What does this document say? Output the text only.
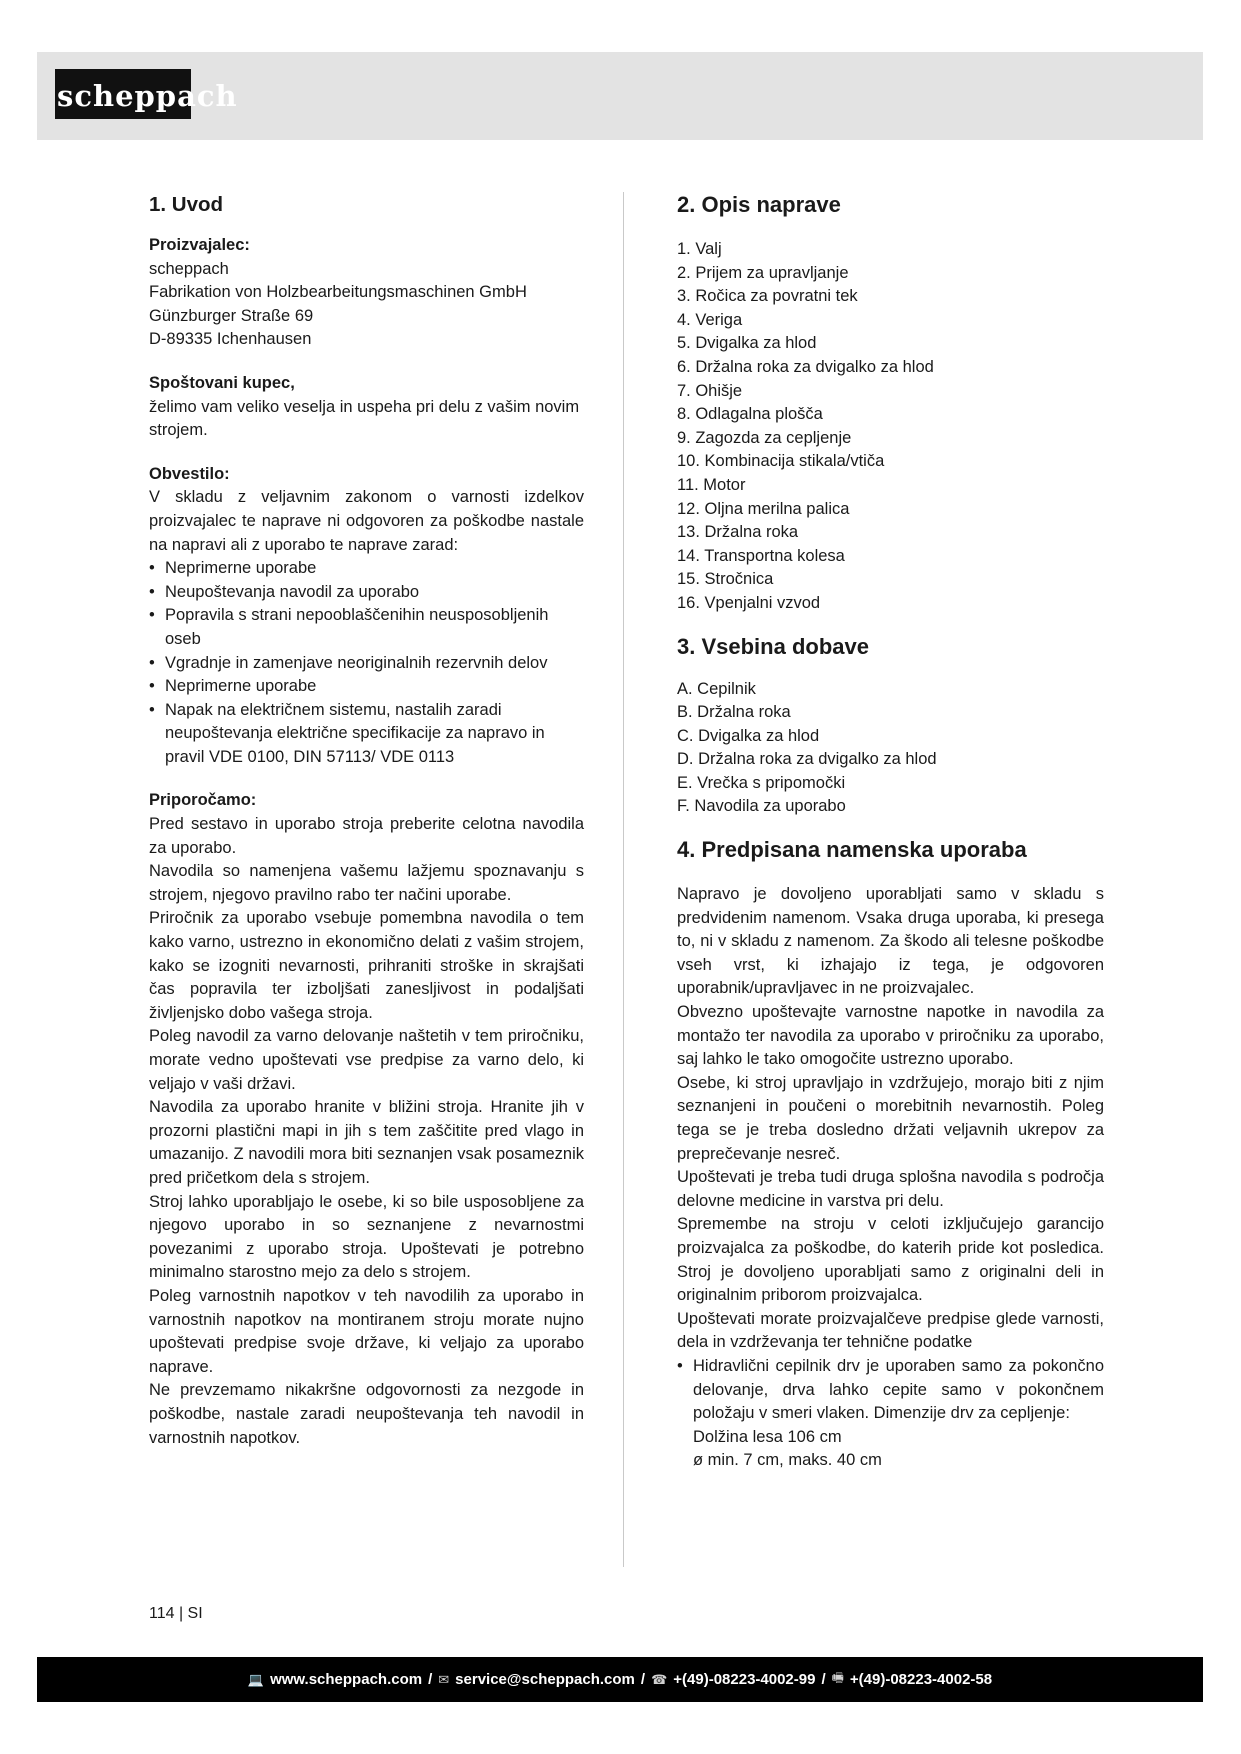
scheppach
1. Uvod

Proizvajalec:

scheppach

Fabrikation von Holzbearbeitungsmaschinen GmbH

Günzburger Straße 69

D-89335 Ichenhausen

Spoštovani kupec,

želimo vam veliko veselja in uspeha pri delu z vašim novim strojem.

Obvestilo:

V skladu z veljavnim zakonom o varnosti izdelkov proizvajalec te naprave ni odgovoren za poškodbe nastale na napravi ali z uporabo te naprave zarad:

• Neprimerne uporabe
• Neupoštevanja navodil za uporabo
• Popravila s strani nepooblaščenihin neusposobljenih oseb
• Vgradnje in zamenjave neoriginalnih rezervnih delov
• Neprimerne uporabe
• Napak na električnem sistemu, nastalih zaradi neupoštevanja električne specifikacije za napravo in pravil VDE 0100, DIN 57113/ VDE 0113

Priporočamo:

Pred sestavo in uporabo stroja preberite celotna navodila za uporabo.

Navodila so namenjena vašemu lažjemu spoznavanju s strojem, njegovo pravilno rabo ter načini uporabe.

Priročnik za uporabo vsebuje pomembna navodila o tem kako varno, ustrezno in ekonomično delati z vašim strojem, kako se izogniti nevarnosti, prihraniti stroške in skrajšati čas popravila ter izboljšati zanesljivost in podaljšati življenjsko dobo vašega stroja.

Poleg navodil za varno delovanje naštetih v tem priročniku, morate vedno upoštevati vse predpise za varno delo, ki veljajo v vaši državi.

Navodila za uporabo hranite v bližini stroja. Hranite jih v prozorni plastični mapi in jih s tem zaščitite pred vlago in umazanijo. Z navodili mora biti seznanjen vsak posameznik pred pričetkom dela s strojem.

Stroj lahko uporabljajo le osebe, ki so bile usposobljene za njegovo uporabo in so seznanjene z nevarnostmi povezanimi z uporabo stroja. Upoštevati je potrebno minimalno starostno mejo za delo s strojem.

Poleg varnostnih napotkov v teh navodilih za uporabo in varnostnih napotkov na montiranem stroju morate nujno upoštevati predpise svoje države, ki veljajo za uporabo naprave.

Ne prevzemamo nikakršne odgovornosti za nezgode in poškodbe, nastale zaradi neupoštevanja teh navodil in varnostnih napotkov.

2. Opis naprave
1. Valj
2. Prijem za upravljanje
3. Ročica za povratni tek
4. Veriga
5. Dvigalka za hlod
6. Držalna roka za dvigalko za hlod
7. Ohišje
8. Odlagalna plošča
9. Zagozda za cepljenje
10. Kombinacija stikala/vtiča
11. Motor
12. Oljna merilna palica
13. Držalna roka
14. Transportna kolesa
15. Stročnica
16. Vpenjalni vzvod
3. Vsebina dobave
A. Cepilnik
B. Držalna roka
C. Dvigalka za hlod
D. Držalna roka za dvigalko za hlod
E. Vrečka s pripomočki
F. Navodila za uporabo
4. Predpisana namenska uporaba

Napravo je dovoljeno uporabljati samo v skladu s predvidenim namenom. Vsaka druga uporaba, ki presega to, ni v skladu z namenom. Za škodo ali telesne poškodbe vseh vrst, ki izhajajo iz tega, je odgovoren uporabnik/upravljavec in ne proizvajalec.

Obvezno upoštevajte varnostne napotke in navodila za montažo ter navodila za uporabo v priročniku za uporabo, saj lahko le tako omogočite ustrezno uporabo.

Osebe, ki stroj upravljajo in vzdržujejo, morajo biti z njim seznanjeni in poučeni o morebitnih nevarnostih. Poleg tega se je treba dosledno držati veljavnih ukrepov za preprečevanje nesreč.

Upoštevati je treba tudi druga splošna navodila s področja delovne medicine in varstva pri delu.

Spremembe na stroju v celoti izključujejo garancijo proizvajalca za poškodbe, do katerih pride kot posledica. Stroj je dovoljeno uporabljati samo z originalni deli in originalnim priborom proizvajalca.

Upoštevati morate proizvajalčeve predpise glede varnosti, dela in vzdrževanja ter tehnične podatke

• Hidravlični cepilnik drv je uporaben samo za pokončno delovanje, drva lahko cepite samo v pokončnem položaju v smeri vlaken. Dimenzije drv za cepljenje:
Dolžina lesa 106 cm
ø min. 7 cm, maks. 40 cm
114 | SI
💻 www.scheppach.com / ✉ service@scheppach.com / ☎ +(49)-08223-4002-99 / 🖷 +(49)-08223-4002-58
